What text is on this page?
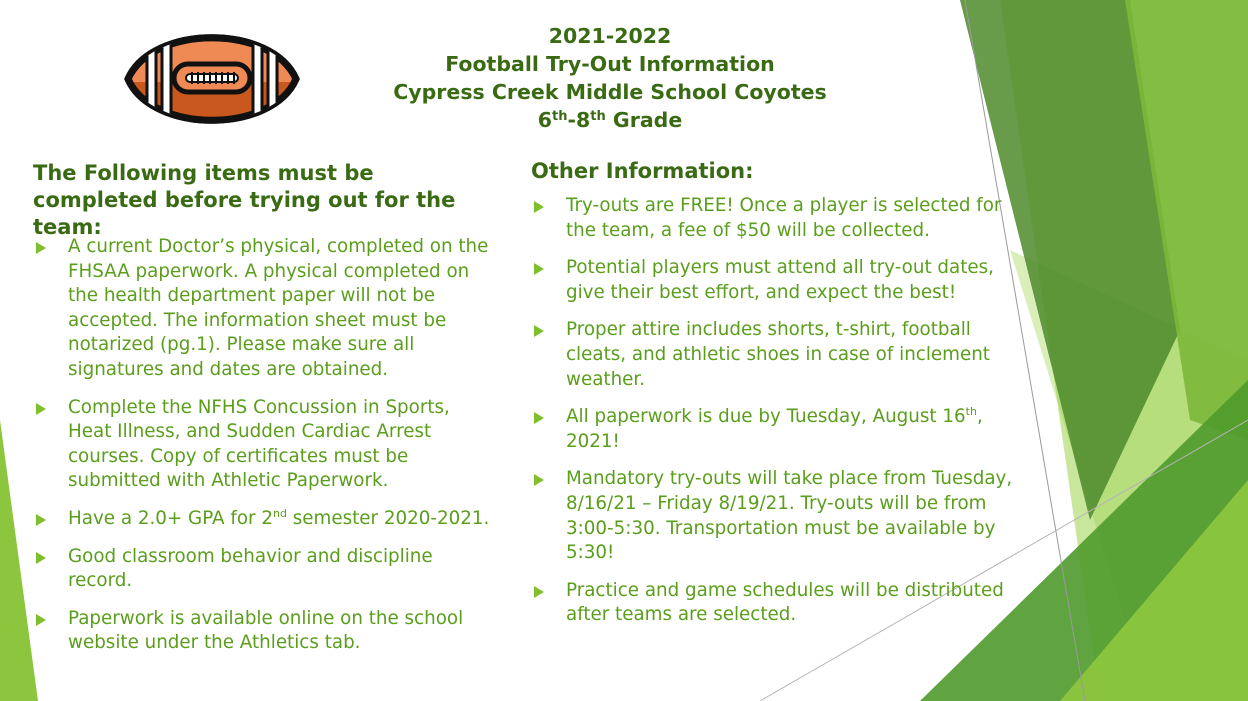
2021-2022
Football Try-Out Information
Cypress Creek Middle School Coyotes
6th-8th Grade
The Following items must be completed before trying out for the team:
A current Doctor’s physical, completed on the FHSAA paperwork. A physical completed on the health department paper will not be accepted. The information sheet must be notarized (pg.1). Please make sure all signatures and dates are obtained.
Complete the NFHS Concussion in Sports, Heat Illness, and Sudden Cardiac Arrest courses. Copy of certificates must be submitted with Athletic Paperwork.
Have a 2.0+ GPA for 2nd semester 2020-2021.
Good classroom behavior and discipline record.
Paperwork is available online on the school website under the Athletics tab.
Other Information:
Try-outs are FREE! Once a player is selected for the team, a fee of $50 will be collected.
Potential players must attend all try-out dates, give their best effort, and expect the best!
Proper attire includes shorts, t-shirt, football cleats, and athletic shoes in case of inclement weather.
All paperwork is due by Tuesday, August 16th, 2021!
Mandatory try-outs will take place from Tuesday, 8/16/21 – Friday 8/19/21. Try-outs will be from 3:00-5:30. Transportation must be available by 5:30!
Practice and game schedules will be distributed after teams are selected.
